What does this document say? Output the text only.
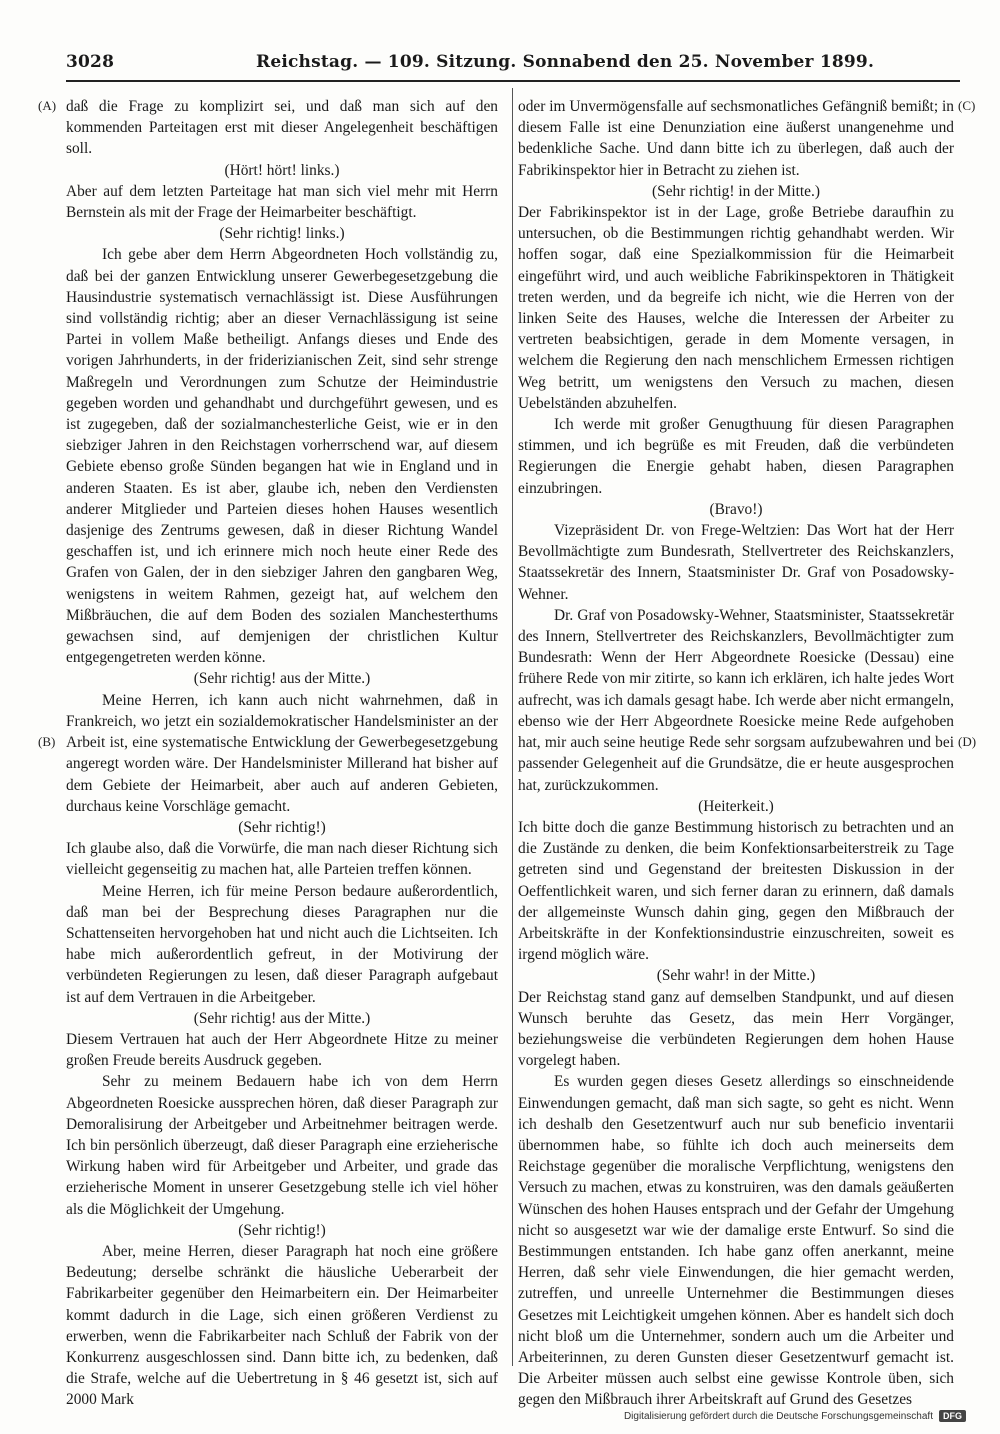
3028	Reichstag. — 109. Sitzung. Sonnabend den 25. November 1899.
(A)
(B)
(C)
(D)

daß die Frage zu komplizirt sei, und daß man sich auf den kommenden Parteitagen erst mit dieser Angelegenheit beschäftigen soll.

(Hört! hört! links.)

Aber auf dem letzten Parteitage hat man sich viel mehr mit Herrn Bernstein als mit der Frage der Heimarbeiter beschäftigt.

(Sehr richtig! links.)

Ich gebe aber dem Herrn Abgeordneten Hoch vollständig zu, daß bei der ganzen Entwicklung unserer Gewerbegesetzgebung die Hausindustrie systematisch vernachlässigt ist. Diese Ausführungen sind vollständig richtig; aber an dieser Vernachlässigung ist seine Partei in vollem Maße betheiligt. Anfangs dieses und Ende des vorigen Jahrhunderts, in der friderizianischen Zeit, sind sehr strenge Maßregeln und Verordnungen zum Schutze der Heimindustrie gegeben worden und gehandhabt und durchgeführt gewesen, und es ist zugegeben, daß der sozialmanchesterliche Geist, wie er in den siebziger Jahren in den Reichstagen vorherrschend war, auf diesem Gebiete ebenso große Sünden begangen hat wie in England und in anderen Staaten. Es ist aber, glaube ich, neben den Verdiensten anderer Mitglieder und Parteien dieses hohen Hauses wesentlich dasjenige des Zentrums gewesen, daß in dieser Richtung Wandel geschaffen ist, und ich erinnere mich noch heute einer Rede des Grafen von Galen, der in den siebziger Jahren den gangbaren Weg, wenigstens in weitem Rahmen, gezeigt hat, auf welchem den Mißbräuchen, die auf dem Boden des sozialen Manchesterthums gewachsen sind, auf demjenigen der christlichen Kultur entgegengetreten werden könne.

(Sehr richtig! aus der Mitte.)

Meine Herren, ich kann auch nicht wahrnehmen, daß in Frankreich, wo jetzt ein sozialdemokratischer Handelsminister an der Arbeit ist, eine systematische Entwicklung der Gewerbegesetzgebung angeregt worden wäre. Der Handelsminister Millerand hat bisher auf dem Gebiete der Heimarbeit, aber auch auf anderen Gebieten, durchaus keine Vorschläge gemacht.

(Sehr richtig!)

Ich glaube also, daß die Vorwürfe, die man nach dieser Richtung sich vielleicht gegenseitig zu machen hat, alle Parteien treffen können.

Meine Herren, ich für meine Person bedaure außerordentlich, daß man bei der Besprechung dieses Paragraphen nur die Schattenseiten hervorgehoben hat und nicht auch die Lichtseiten. Ich habe mich außerordentlich gefreut, in der Motivirung der verbündeten Regierungen zu lesen, daß dieser Paragraph aufgebaut ist auf dem Vertrauen in die Arbeitgeber.

(Sehr richtig! aus der Mitte.)

Diesem Vertrauen hat auch der Herr Abgeordnete Hitze zu meiner großen Freude bereits Ausdruck gegeben.

Sehr zu meinem Bedauern habe ich von dem Herrn Abgeordneten Roesicke aussprechen hören, daß dieser Paragraph zur Demoralisirung der Arbeitgeber und Arbeitnehmer beitragen werde. Ich bin persönlich überzeugt, daß dieser Paragraph eine erzieherische Wirkung haben wird für Arbeitgeber und Arbeiter, und grade das erzieherische Moment in unserer Gesetzgebung stelle ich viel höher als die Möglichkeit der Umgehung.

(Sehr richtig!)

Aber, meine Herren, dieser Paragraph hat noch eine größere Bedeutung; derselbe schränkt die häusliche Ueberarbeit der Fabrikarbeiter gegenüber den Heimarbeitern ein. Der Heimarbeiter kommt dadurch in die Lage, sich einen größeren Verdienst zu erwerben, wenn die Fabrikarbeiter nach Schluß der Fabrik von der Konkurrenz ausgeschlossen sind. Dann bitte ich, zu bedenken, daß die Strafe, welche auf die Uebertretung in § 46 gesetzt ist, sich auf 2000 Mark

oder im Unvermögensfalle auf sechsmonatliches Gefängniß bemißt; in diesem Falle ist eine Denunziation eine äußerst unangenehme und bedenkliche Sache. Und dann bitte ich zu überlegen, daß auch der Fabrikinspektor hier in Betracht zu ziehen ist.

(Sehr richtig! in der Mitte.)

Der Fabrikinspektor ist in der Lage, große Betriebe daraufhin zu untersuchen, ob die Bestimmungen richtig gehandhabt werden. Wir hoffen sogar, daß eine Spezialkommission für die Heimarbeit eingeführt wird, und auch weibliche Fabrikinspektoren in Thätigkeit treten werden, und da begreife ich nicht, wie die Herren von der linken Seite des Hauses, welche die Interessen der Arbeiter zu vertreten beabsichtigen, gerade in dem Momente versagen, in welchem die Regierung den nach menschlichem Ermessen richtigen Weg betritt, um wenigstens den Versuch zu machen, diesen Uebelständen abzuhelfen.

Ich werde mit großer Genugthuung für diesen Paragraphen stimmen, und ich begrüße es mit Freuden, daß die verbündeten Regierungen die Energie gehabt haben, diesen Paragraphen einzubringen.

(Bravo!)

Vizepräsident Dr. von Frege-Weltzien: Das Wort hat der Herr Bevollmächtigte zum Bundesrath, Stellvertreter des Reichskanzlers, Staatssekretär des Innern, Staatsminister Dr. Graf von Posadowsky-Wehner.

Dr. Graf von Posadowsky-Wehner, Staatsminister, Staatssekretär des Innern, Stellvertreter des Reichskanzlers, Bevollmächtigter zum Bundesrath: Wenn der Herr Abgeordnete Roesicke (Dessau) eine frühere Rede von mir zitirte, so kann ich erklären, ich halte jedes Wort aufrecht, was ich damals gesagt habe. Ich werde aber nicht ermangeln, ebenso wie der Herr Abgeordnete Roesicke meine Rede aufgehoben hat, mir auch seine heutige Rede sehr sorgsam aufzubewahren und bei passender Gelegenheit auf die Grundsätze, die er heute ausgesprochen hat, zurückzukommen.

(Heiterkeit.)

Ich bitte doch die ganze Bestimmung historisch zu betrachten und an die Zustände zu denken, die beim Konfektionsarbeiterstreik zu Tage getreten sind und Gegenstand der breitesten Diskussion in der Oeffentlichkeit waren, und sich ferner daran zu erinnern, daß damals der allgemeinste Wunsch dahin ging, gegen den Mißbrauch der Arbeitskräfte in der Konfektionsindustrie einzuschreiten, soweit es irgend möglich wäre.

(Sehr wahr! in der Mitte.)

Der Reichstag stand ganz auf demselben Standpunkt, und auf diesen Wunsch beruhte das Gesetz, das mein Herr Vorgänger, beziehungsweise die verbündeten Regierungen dem hohen Hause vorgelegt haben.

Es wurden gegen dieses Gesetz allerdings so einschneidende Einwendungen gemacht, daß man sich sagte, so geht es nicht. Wenn ich deshalb den Gesetzentwurf auch nur sub beneficio inventarii übernommen habe, so fühlte ich doch auch meinerseits dem Reichstage gegenüber die moralische Verpflichtung, wenigstens den Versuch zu machen, etwas zu konstruiren, was den damals geäußerten Wünschen des hohen Hauses entsprach und der Gefahr der Umgehung nicht so ausgesetzt war wie der damalige erste Entwurf. So sind die Bestimmungen entstanden. Ich habe ganz offen anerkannt, meine Herren, daß sehr viele Einwendungen, die hier gemacht werden, zutreffen, und unreelle Unternehmer die Bestimmungen dieses Gesetzes mit Leichtigkeit umgehen können. Aber es handelt sich doch nicht bloß um die Unternehmer, sondern auch um die Arbeiter und Arbeiterinnen, zu deren Gunsten dieser Gesetzentwurf gemacht ist. Die Arbeiter müssen auch selbst eine gewisse Kontrole üben, sich gegen den Mißbrauch ihrer Arbeitskraft auf Grund des Gesetzes

Digitalisierung gefördert durch die Deutsche Forschungsgemeinschaft	DFG
